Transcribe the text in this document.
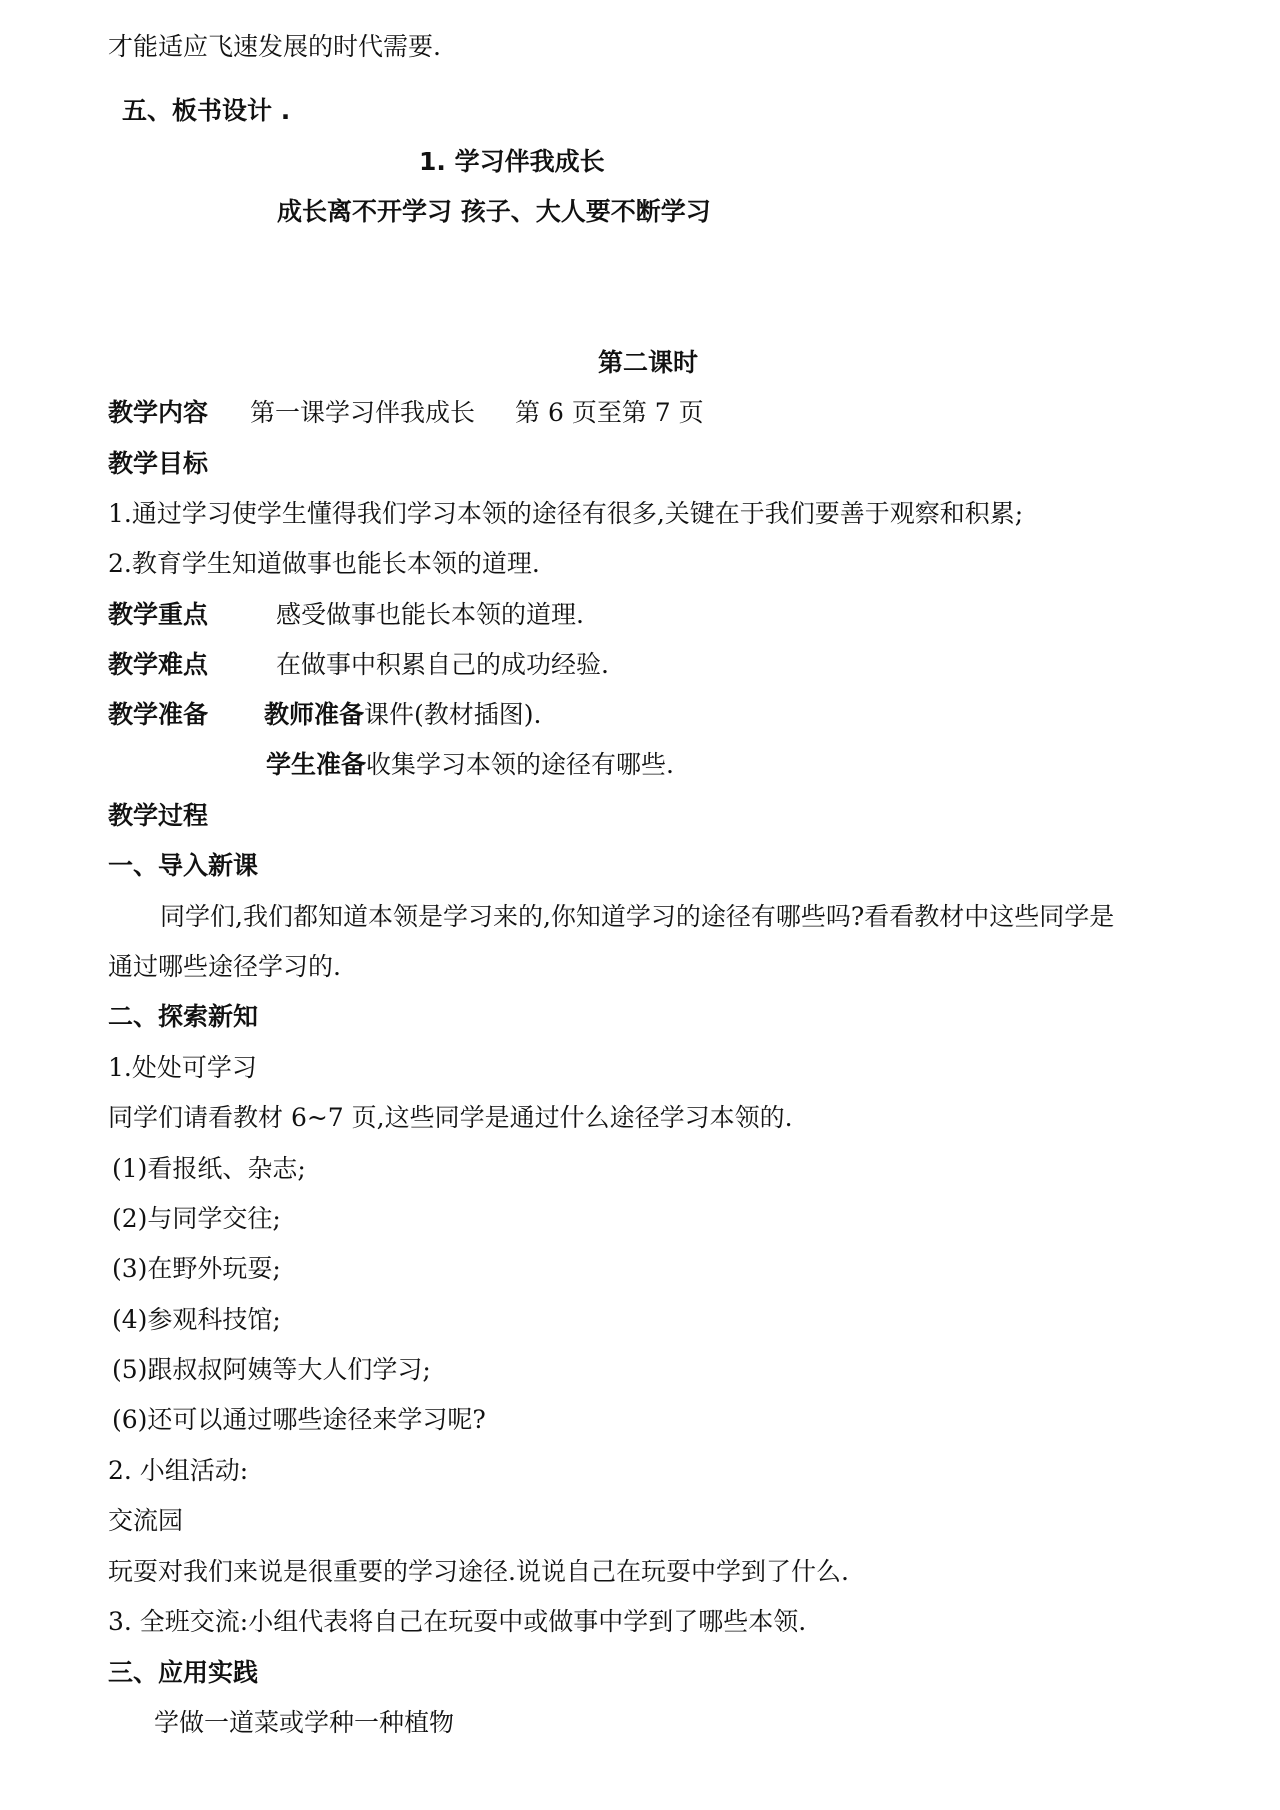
才能适应飞速发展的时代需要.
五、板书设计 .
1. 学习伴我成长
成长离不开学习 孩子、大人要不断学习
第二课时
教学内容 第一课学习伴我成长 第 6 页至第 7 页
教学目标
1.通过学习使学生懂得我们学习本领的途径有很多,关键在于我们要善于观察和积累;
2.教育学生知道做事也能长本领的道理.
教学重点	感受做事也能长本领的道理.
教学难点	在做事中积累自己的成功经验.
教学准备 教师准备课件(教材插图).
学生准备收集学习本领的途径有哪些.
教学过程
一、导入新课
同学们,我们都知道本领是学习来的,你知道学习的途径有哪些吗?看看教材中这些同学是
通过哪些途径学习的.
二、探索新知
1.处处可学习
同学们请看教材 6~7 页,这些同学是通过什么途径学习本领的.
(1)看报纸、杂志;
(2)与同学交往;
(3)在野外玩耍;
(4)参观科技馆;
(5)跟叔叔阿姨等大人们学习;
(6)还可以通过哪些途径来学习呢?
2. 小组活动:
交流园
玩耍对我们来说是很重要的学习途径.说说自己在玩耍中学到了什么.
3. 全班交流:小组代表将自己在玩耍中或做事中学到了哪些本领.
三、应用实践
学做一道菜或学种一种植物
